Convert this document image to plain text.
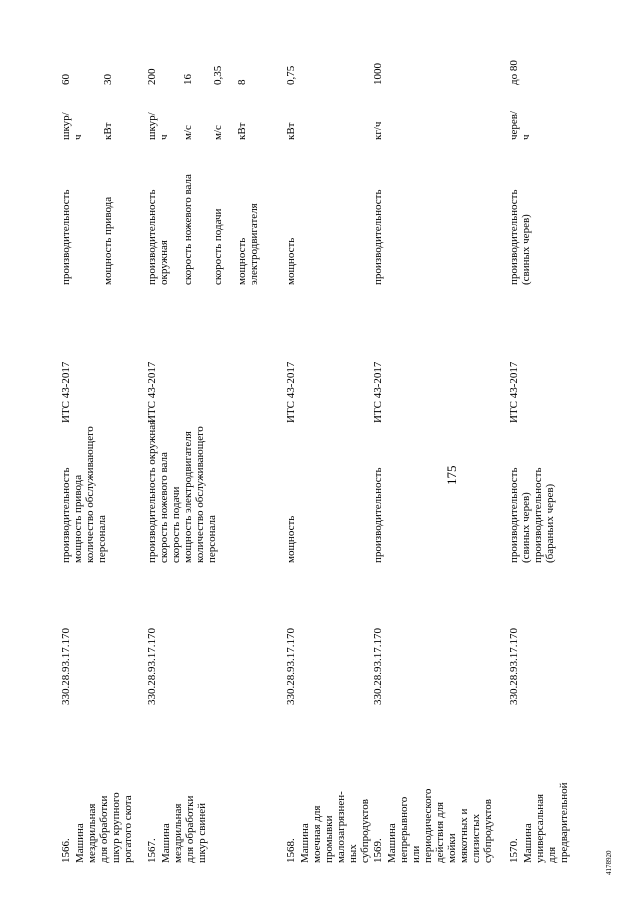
175
1566. Машина мездрильная для обработки шкур крупного рогатого скота
330.28.93.17.170
производительность
мощность привода
количество обслуживающего персонала
ИТС 43-2017
производительность
шкур/ч
60
мощность привода
кВт
30
1567. Машина мездрильная для обработки шкур свиней
330.28.93.17.170
производительность окружная скорость ножевого вала
скорость подачи
мощность электродвигателя
количество обслуживающего персонала
ИТС 43-2017
производительность окружная
шкур/ч
200
скорость ножевого вала
м/с
16
скорость подачи
м/с
0,35
мощность электродвигателя
кВт
8
1568. Машина моечная для промывки малозагрязнен-ных субпродуктов
330.28.93.17.170
мощность
ИТС 43-2017
мощность
кВт
0,75
1569. Машина непрерывного или периодического действия для мойки мякотных и слизистых субпродуктов
330.28.93.17.170
производительность
ИТС 43-2017
производительность
кг/ч
1000
1570. Машина универсальная для предварительной
330.28.93.17.170
производительность (свиных черев)
производительность (бараньих черев)
ИТС 43-2017
производительность (свиных черев)
черев/ч
до 80
4178920
